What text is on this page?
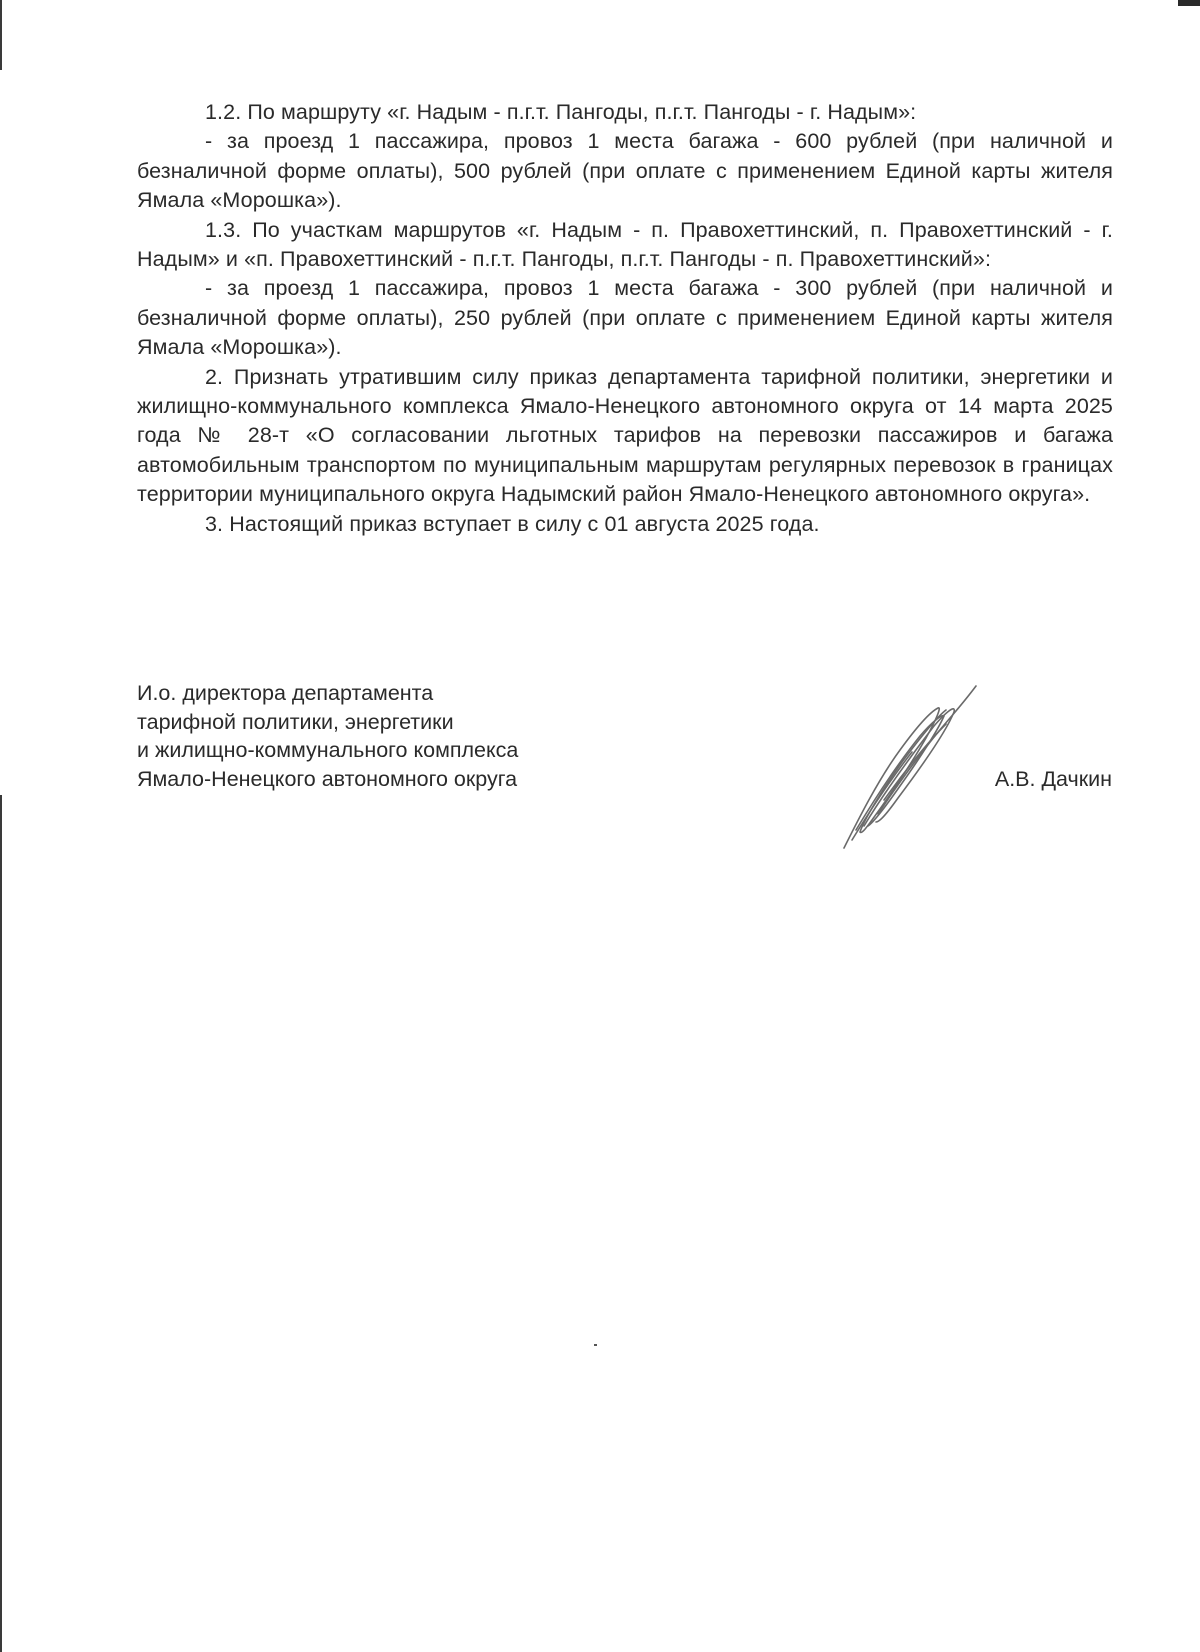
1.2. По маршруту «г. Надым - п.г.т. Пангоды, п.г.т. Пангоды - г. Надым»:

- за проезд 1 пассажира, провоз 1 места багажа - 600 рублей (при наличной и безналичной форме оплаты), 500 рублей (при оплате с применением Единой карты жителя Ямала «Морошка»).

1.3. По участкам маршрутов «г. Надым - п. Правохеттинский, п. Правохеттинский - г. Надым» и «п. Правохеттинский - п.г.т. Пангоды, п.г.т. Пангоды - п. Правохеттинский»:

- за проезд 1 пассажира, провоз 1 места багажа - 300 рублей (при наличной и безналичной форме оплаты), 250 рублей (при оплате с применением Единой карты жителя Ямала «Морошка»).

2. Признать утратившим силу приказ департамента тарифной политики, энергетики и жилищно-коммунального комплекса Ямало-Ненецкого автономного округа от 14 марта 2025 года № 28-т «О согласовании льготных тарифов на перевозки пассажиров и багажа автомобильным транспортом по муниципальным маршрутам регулярных перевозок в границах территории муниципального округа Надымский район Ямало-Ненецкого автономного округа».

3. Настоящий приказ вступает в силу с 01 августа 2025 года.

И.о. директора департамента
тарифной политики, энергетики
и жилищно-коммунального комплекса
Ямало-Ненецкого автономного округа	А.В. Дачкин
